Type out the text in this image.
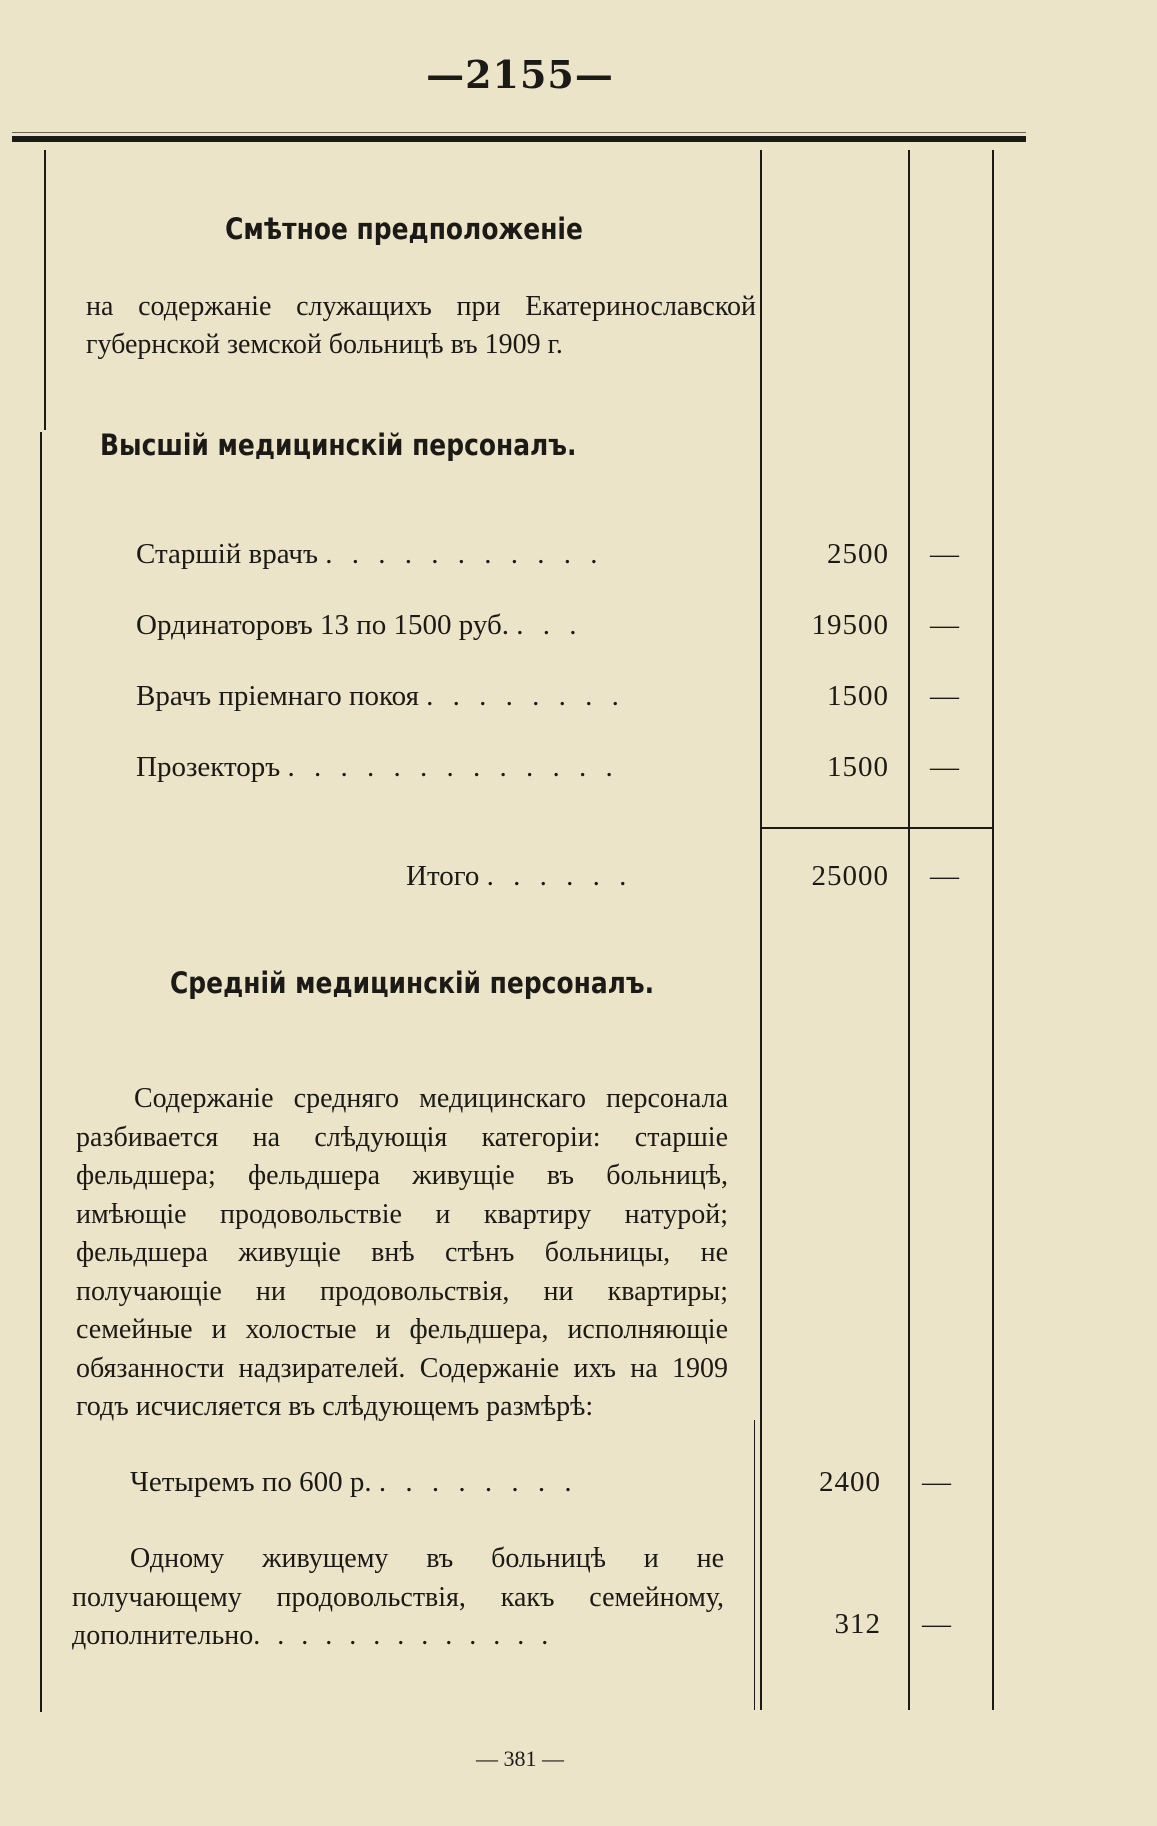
—2155—
Смѣтное предположеніе
на содержаніе служащихъ при Екатеринославской губернской земской больницѣ въ 1909 г.
Высшій медицинскій персоналъ.
Старшій врачъ . . . . . . . . . . .	2500 —
Ординаторовъ 13 по 1500 руб. . . .	19500 —
Врачъ пріемнаго покоя . . . . . . . .	1500 —
Прозекторъ . . . . . . . . . . . . .	1500 —
Итого . . . . . .	25000 —
Средній медицинскій персоналъ.
Содержаніе средняго медицинскаго персонала разбивается на слѣдующія категоріи: старшіе фельдшера; фельдшера живущіе въ больницѣ, имѣющіе продовольствіе и квартиру натурой; фельдшера живущіе внѣ стѣнъ больницы, не получающіе ни продовольствія, ни квартиры; семейные и холостые и фельдшера, исполняющіе обязанности надзирателей. Содержаніе ихъ на 1909 годъ исчисляется въ слѣдующемъ размѣрѣ:
Четыремъ по 600 р. . . . . . . . .	2400 —
Одному живущему въ больницѣ и не получающему продовольствія, какъ семейному, дополнительно. . . . . . . . . . . . .	312 —
— 381 —
